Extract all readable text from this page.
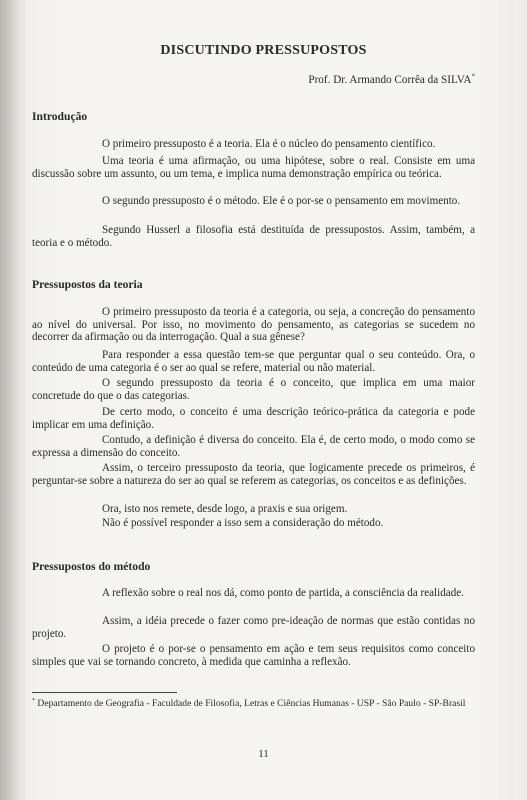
DISCUTINDO PRESSUPOSTOS
Prof. Dr. Armando Corrêa da SILVA*
Introdução

O primeiro pressuposto é a teoria. Ela é o núcleo do pensamento científico.

Uma teoria é uma afirmação, ou uma hipótese, sobre o real. Consiste em uma discussão sobre um assunto, ou um tema, e implica numa demonstração empírica ou teórica.

O segundo pressuposto é o método. Ele é o por-se o pensamento em movimento.

Segundo Husserl a filosofia está destituída de pressupostos. Assim, também, a teoria e o método.

Pressupostos da teoria

O primeiro pressuposto da teoria é a categoria, ou seja, a concreção do pensamento ao nível do universal. Por isso, no movimento do pensamento, as categorias se sucedem no decorrer da afirmação ou da interrogação. Qual a sua gênese?

Para responder a essa questão tem-se que perguntar qual o seu conteúdo. Ora, o conteúdo de uma categoria é o ser ao qual se refere, material ou não material.

O segundo pressuposto da teoria é o conceito, que implica em uma maior concretude do que o das categorias.

De certo modo, o conceito é uma descrição teórico-prática da categoria e pode implicar em uma definição.

Contudo, a definição é diversa do conceito. Ela é, de certo modo, o modo como se expressa a dimensão do conceito.

Assim, o terceiro pressuposto da teoria, que logicamente precede os primeiros, é perguntar-se sobre a natureza do ser ao qual se referem as categorias, os conceitos e as definições.

Ora, isto nos remete, desde logo, a praxis e sua origem.

Não é possível responder a isso sem a consideração do método.

Pressupostos do método

A reflexão sobre o real nos dá, como ponto de partida, a consciência da realidade.

Assim, a idéia precede o fazer como pre-ideação de normas que estão contidas no projeto.

O projeto é o por-se o pensamento em ação e tem seus requisitos como conceito simples que vai se tornando concreto, à medida que caminha a reflexão.

* Departamento de Geografia - Faculdade de Filosofia, Letras e Ciências Humanas - USP - São Paulo - SP-Brasil
11
